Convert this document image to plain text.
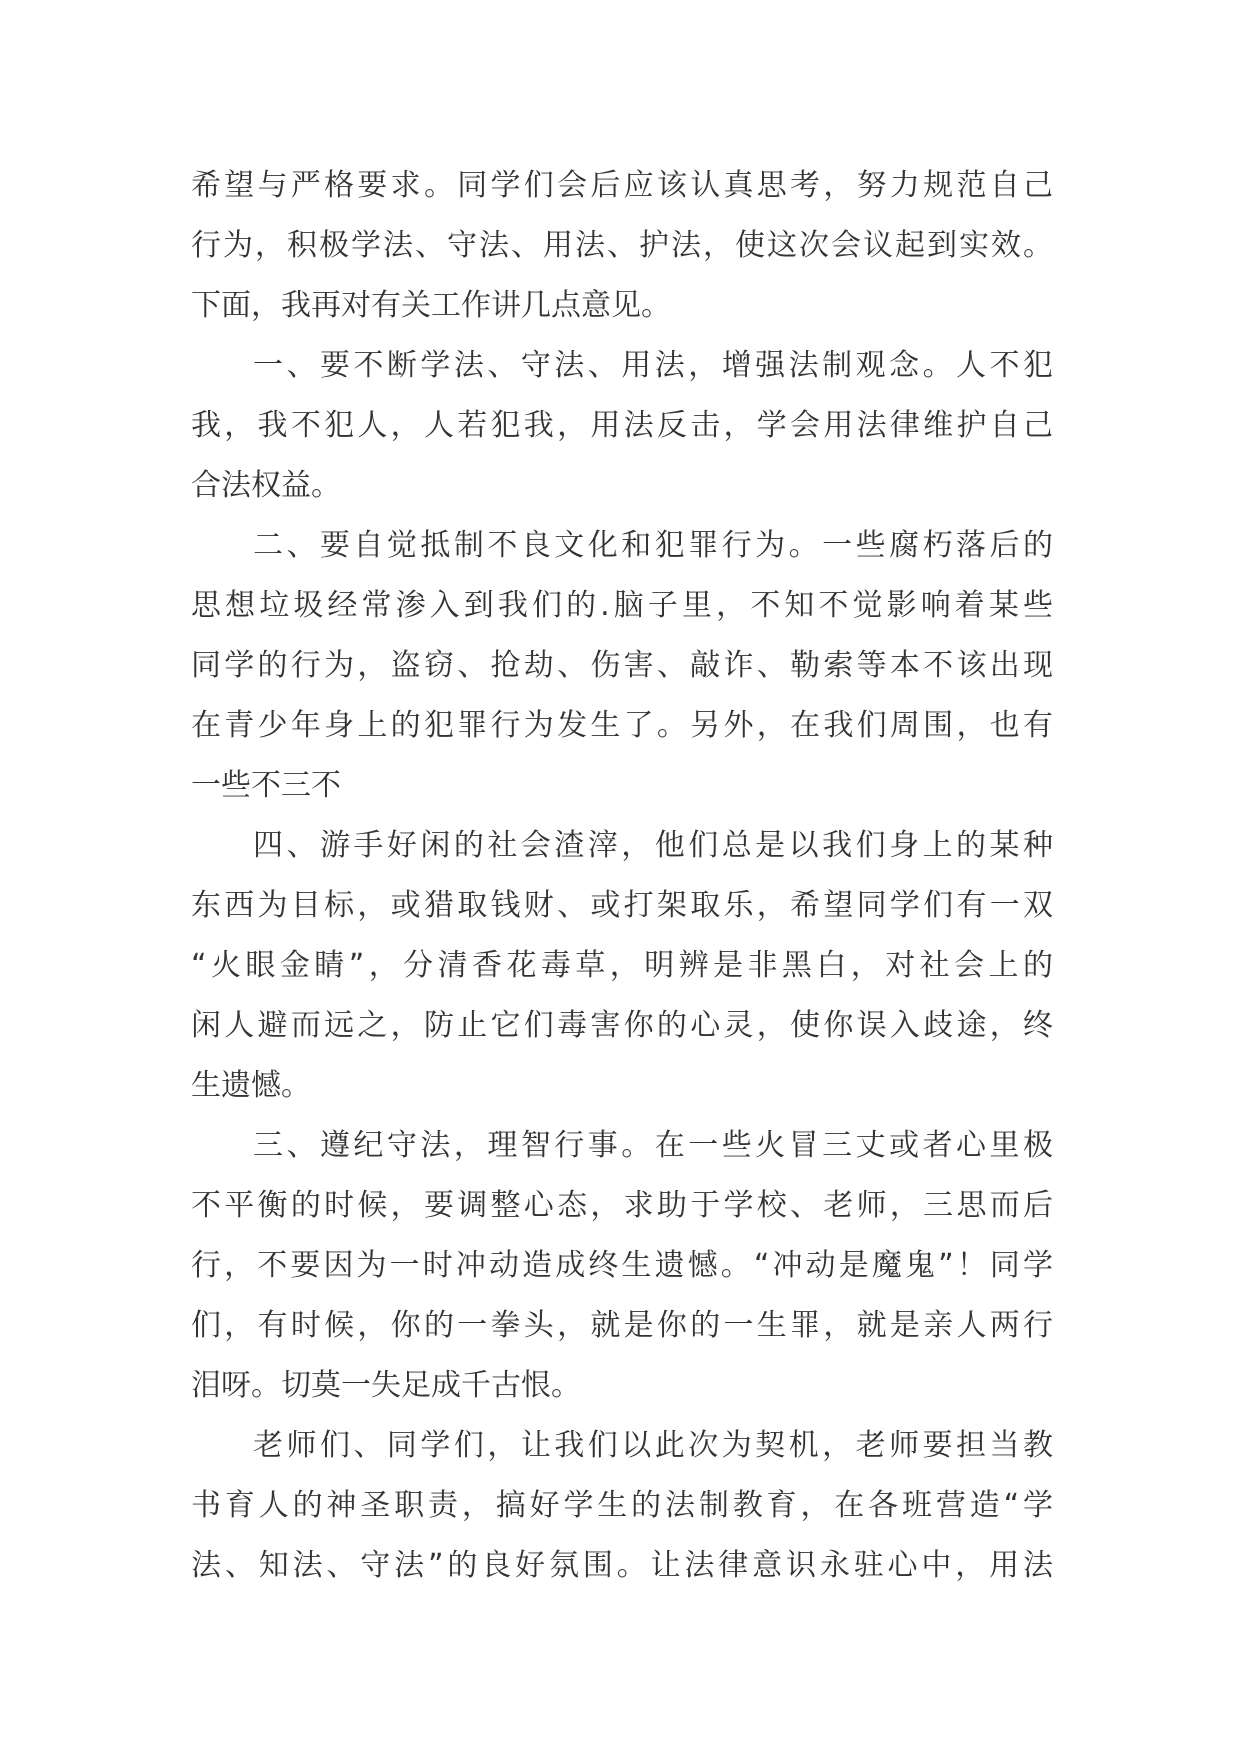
希望与严格要求。同学们会后应该认真思考，努力规范自己
行为，积极学法、守法、用法、护法，使这次会议起到实效。
下面，我再对有关工作讲几点意见。
一、要不断学法、守法、用法，增强法制观念。人不犯
我，我不犯人，人若犯我，用法反击，学会用法律维护自己
合法权益。
二、要自觉抵制不良文化和犯罪行为。一些腐朽落后的
思想垃圾经常渗入到我们的.脑子里，不知不觉影响着某些
同学的行为，盗窃、抢劫、伤害、敲诈、勒索等本不该出现
在青少年身上的犯罪行为发生了。另外，在我们周围，也有
一些不三不
四、游手好闲的社会渣滓，他们总是以我们身上的某种
东西为目标，或猎取钱财、或打架取乐，希望同学们有一双
“火眼金睛”，分清香花毒草，明辨是非黑白，对社会上的
闲人避而远之，防止它们毒害你的心灵，使你误入歧途，终
生遗憾。
三、遵纪守法，理智行事。在一些火冒三丈或者心里极
不平衡的时候，要调整心态，求助于学校、老师，三思而后
行，不要因为一时冲动造成终生遗憾。“冲动是魔鬼”！同学
们，有时候，你的一拳头，就是你的一生罪，就是亲人两行
泪呀。切莫一失足成千古恨。
老师们、同学们，让我们以此次为契机，老师要担当教
书育人的神圣职责，搞好学生的法制教育，在各班营造“学
法、知法、守法”的良好氛围。让法律意识永驻心中，用法
